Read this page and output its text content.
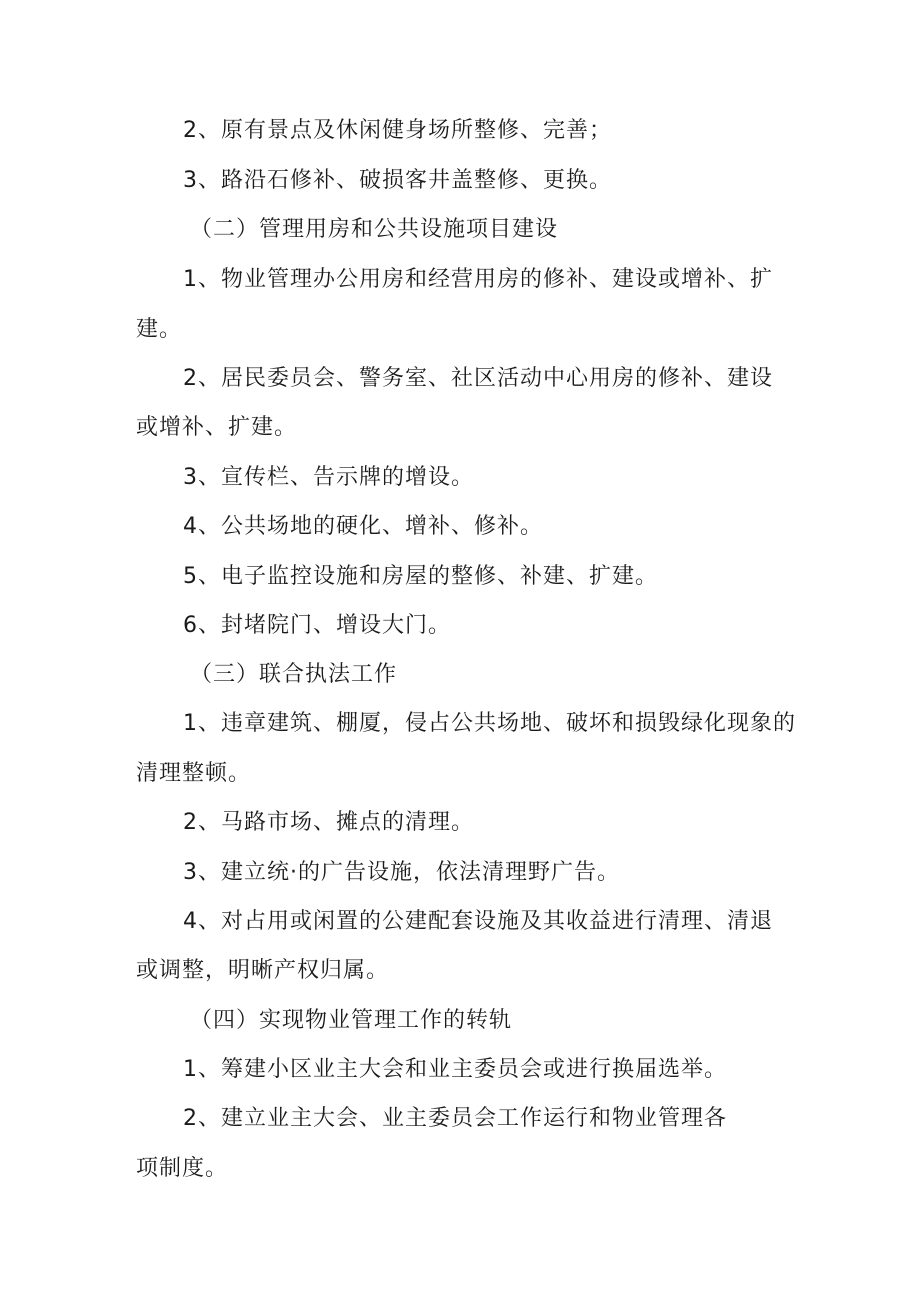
2、原有景点及休闲健身场所整修、完善；
3、路沿石修补、破损客井盖整修、更换。
（二）管理用房和公共设施项目建设
1、物业管理办公用房和经营用房的修补、建设或增补、扩
建。
2、居民委员会、警务室、社区活动中心用房的修补、建设
或增补、扩建。
3、宣传栏、告示牌的增设。
4、公共场地的硬化、增补、修补。
5、电子监控设施和房屋的整修、补建、扩建。
6、封堵院门、增设大门。
（三）联合执法工作
1、违章建筑、棚厦，侵占公共场地、破坏和损毁绿化现象的
清理整顿。
2、马路市场、摊点的清理。
3、建立统·的广告设施，依法清理野广告。
4、对占用或闲置的公建配套设施及其收益进行清理、清退
或调整，明晰产权归属。
（四）实现物业管理工作的转轨
1、筹建小区业主大会和业主委员会或进行换届选举。
2、建立业主大会、业主委员会工作运行和物业管理各
项制度。
